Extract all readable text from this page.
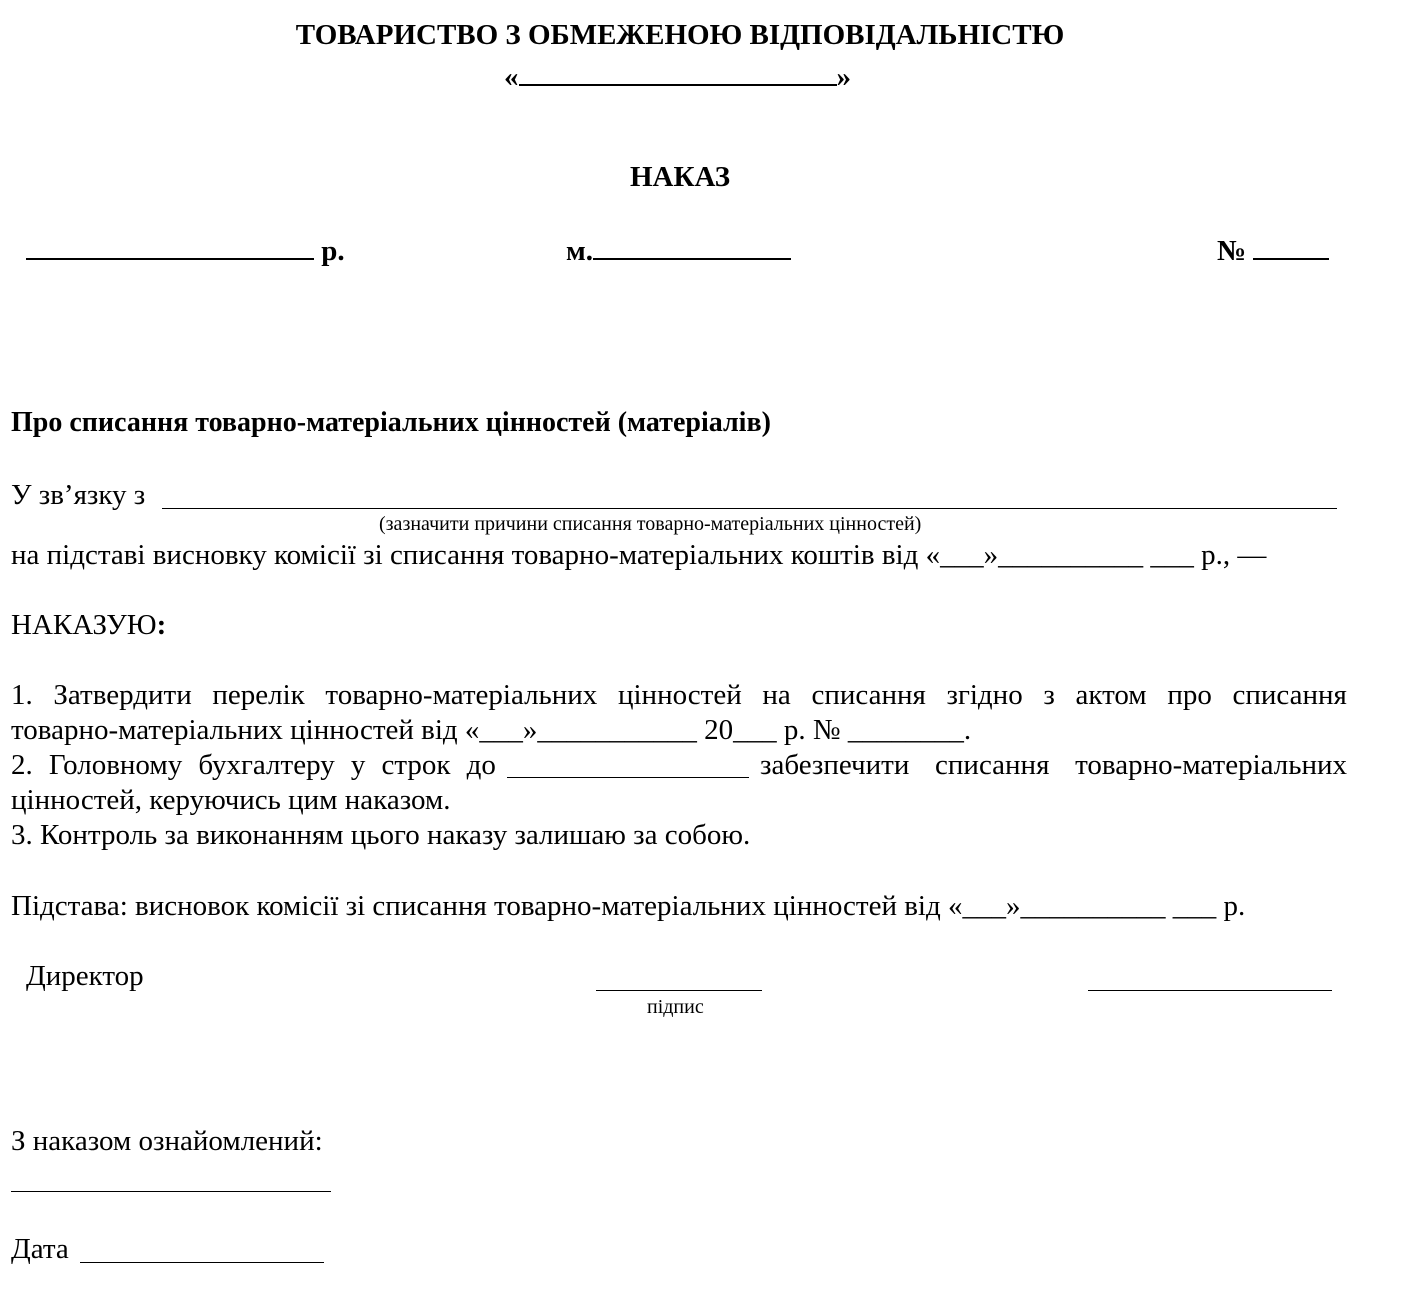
ТОВАРИСТВО З ОБМЕЖЕНОЮ ВІДПОВІДАЛЬНІСТЮ
«	»
НАКАЗ
р.	м.	№
Про списання товарно-матеріальних цінностей (матеріалів)
У зв’язку з
(зазначити причини списання товарно-матеріальних цінностей)
на підставі висновку комісії зі списання товарно-матеріальних коштів від «___»__________ ___ р., —
НАКАЗУЮ:
1. Затвердити перелік товарно-матеріальних цінностей на списання згідно з актом про списання
товарно-матеріальних цінностей від «___»___________ 20___ р. № ________.
2. Головному бухгалтеру у строк до	забезпечити списання товарно-матеріальних
цінностей, керуючись цим наказом.
3. Контроль за виконанням цього наказу залишаю за собою.
Підстава: висновок комісії зі списання товарно-матеріальних цінностей від «___»__________ ___ р.
Директор
підпис
З наказом ознайомлений:
Дата
